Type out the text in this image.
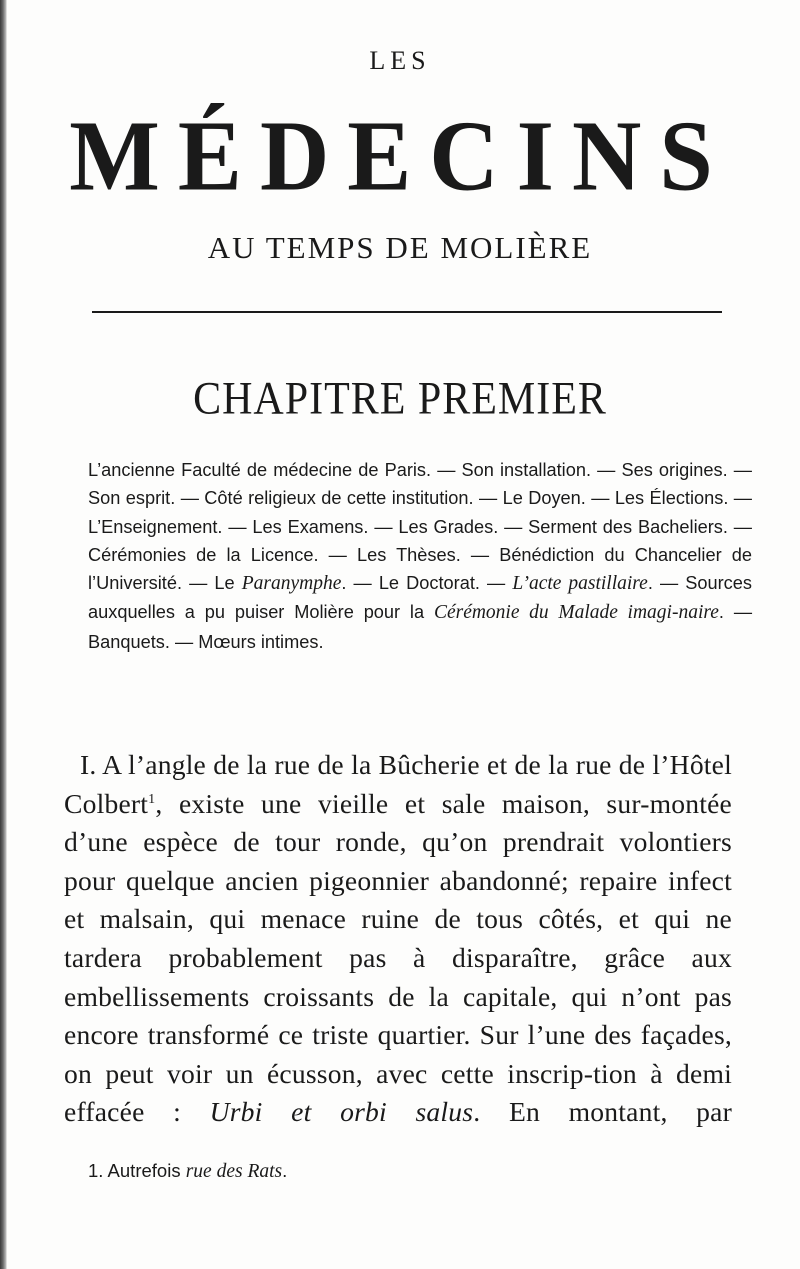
LES
MÉDECINS
AU TEMPS DE MOLIÈRE
CHAPITRE PREMIER
L’ancienne Faculté de médecine de Paris. — Son installation. — Ses origines. — Son esprit. — Côté religieux de cette institution. — Le Doyen. — Les Élections. — L’Enseignement. — Les Examens. — Les Grades. — Serment des Bacheliers. — Cérémonies de la Licence. — Les Thèses. — Bénédiction du Chancelier de l’Université. — Le Paranymphe. — Le Doctorat. — L’acte pastillaire. — Sources auxquelles a pu puiser Molière pour la Cérémonie du Malade imagi-naire. — Banquets. — Mœurs intimes.
I. A l’angle de la rue de la Bûcherie et de la rue de l’Hôtel Colbert$^1$, existe une vieille et sale maison, sur-montée d’une espèce de tour ronde, qu’on prendrait volontiers pour quelque ancien pigeonnier abandonné; repaire infect et malsain, qui menace ruine de tous côtés, et qui ne tardera probablement pas à disparaître, grâce aux embellissements croissants de la capitale, qui n’ont pas encore transformé ce triste quartier. Sur l’une des façades, on peut voir un écusson, avec cette inscrip-tion à demi effacée : Urbi et orbi salus. En montant, par
1. Autrefois rue des Rats.
